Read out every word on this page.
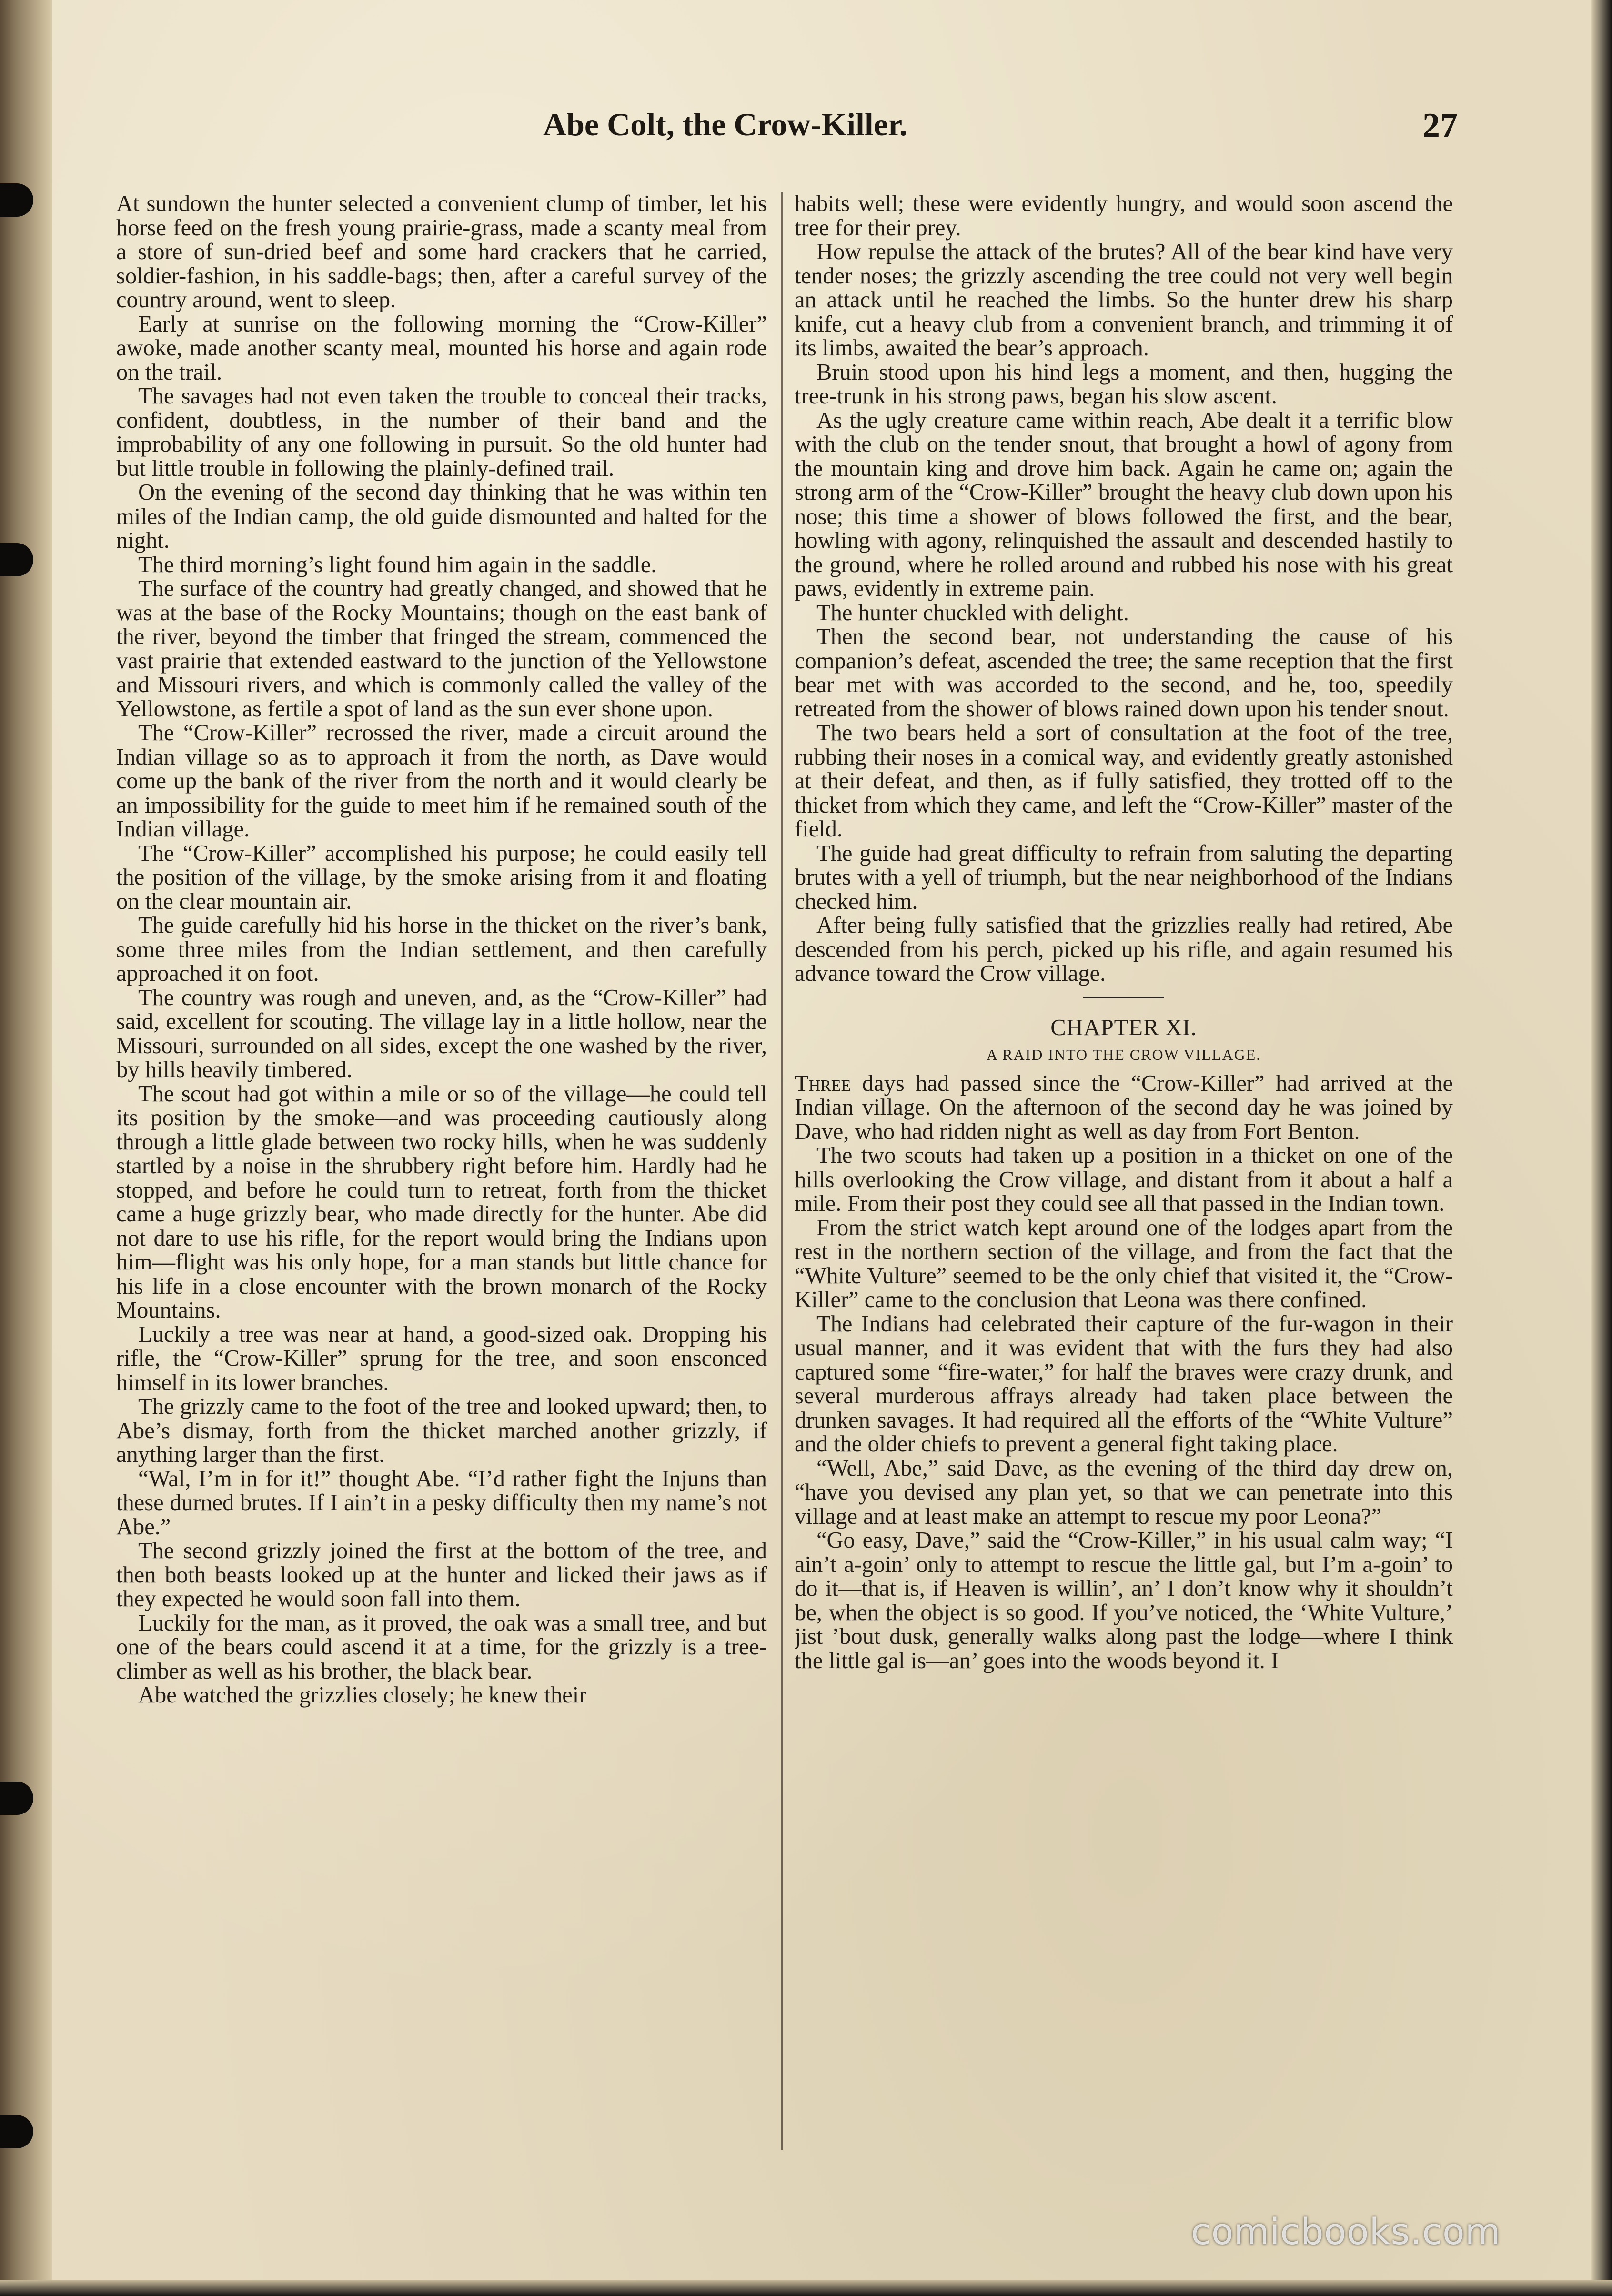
Abe Colt, the Crow-Killer.	27

At sundown the hunter selected a convenient clump of timber, let his horse feed on the fresh young prairie-grass, made a scanty meal from a store of sun-dried beef and some hard crackers that he carried, soldier-fashion, in his saddle-bags; then, after a careful survey of the country around, went to sleep.

Early at sunrise on the following morning the “Crow-Killer” awoke, made another scanty meal, mounted his horse and again rode on the trail.

The savages had not even taken the trouble to conceal their tracks, confident, doubtless, in the number of their band and the improbability of any one following in pursuit. So the old hunter had but little trouble in following the plainly-defined trail.

On the evening of the second day thinking that he was within ten miles of the Indian camp, the old guide dismounted and halted for the night.

The third morning’s light found him again in the saddle.

The surface of the country had greatly changed, and showed that he was at the base of the Rocky Mountains; though on the east bank of the river, beyond the timber that fringed the stream, commenced the vast prairie that extended eastward to the junction of the Yellowstone and Missouri rivers, and which is commonly called the valley of the Yellowstone, as fertile a spot of land as the sun ever shone upon.

The “Crow-Killer” recrossed the river, made a circuit around the Indian village so as to approach it from the north, as Dave would come up the bank of the river from the north and it would clearly be an impossibility for the guide to meet him if he remained south of the Indian village.

The “Crow-Killer” accomplished his purpose; he could easily tell the position of the village, by the smoke arising from it and floating on the clear mountain air.

The guide carefully hid his horse in the thicket on the river’s bank, some three miles from the Indian settlement, and then carefully approached it on foot.

The country was rough and uneven, and, as the “Crow-Killer” had said, excellent for scouting. The village lay in a little hollow, near the Missouri, surrounded on all sides, except the one washed by the river, by hills heavily timbered.

The scout had got within a mile or so of the village—he could tell its position by the smoke—and was proceeding cautiously along through a little glade between two rocky hills, when he was suddenly startled by a noise in the shrubbery right before him. Hardly had he stopped, and before he could turn to retreat, forth from the thicket came a huge grizzly bear, who made directly for the hunter. Abe did not dare to use his rifle, for the report would bring the Indians upon him—flight was his only hope, for a man stands but little chance for his life in a close encounter with the brown monarch of the Rocky Mountains.

Luckily a tree was near at hand, a good-sized oak. Dropping his rifle, the “Crow-Killer” sprung for the tree, and soon ensconced himself in its lower branches.

The grizzly came to the foot of the tree and looked upward; then, to Abe’s dismay, forth from the thicket marched another grizzly, if anything larger than the first.

“Wal, I’m in for it!” thought Abe. “I’d rather fight the Injuns than these durned brutes. If I ain’t in a pesky difficulty then my name’s not Abe.”

The second grizzly joined the first at the bottom of the tree, and then both beasts looked up at the hunter and licked their jaws as if they expected he would soon fall into them.

Luckily for the man, as it proved, the oak was a small tree, and but one of the bears could ascend it at a time, for the grizzly is a tree-climber as well as his brother, the black bear.

Abe watched the grizzlies closely; he knew their

habits well; these were evidently hungry, and would soon ascend the tree for their prey.

How repulse the attack of the brutes? All of the bear kind have very tender noses; the grizzly ascending the tree could not very well begin an attack until he reached the limbs. So the hunter drew his sharp knife, cut a heavy club from a convenient branch, and trimming it of its limbs, awaited the bear’s approach.

Bruin stood upon his hind legs a moment, and then, hugging the tree-trunk in his strong paws, began his slow ascent.

As the ugly creature came within reach, Abe dealt it a terrific blow with the club on the tender snout, that brought a howl of agony from the mountain king and drove him back. Again he came on; again the strong arm of the “Crow-Killer” brought the heavy club down upon his nose; this time a shower of blows followed the first, and the bear, howling with agony, relinquished the assault and descended hastily to the ground, where he rolled around and rubbed his nose with his great paws, evidently in extreme pain.

The hunter chuckled with delight.

Then the second bear, not understanding the cause of his companion’s defeat, ascended the tree; the same reception that the first bear met with was accorded to the second, and he, too, speedily retreated from the shower of blows rained down upon his tender snout.

The two bears held a sort of consultation at the foot of the tree, rubbing their noses in a comical way, and evidently greatly astonished at their defeat, and then, as if fully satisfied, they trotted off to the thicket from which they came, and left the “Crow-Killer” master of the field.

The guide had great difficulty to refrain from saluting the departing brutes with a yell of triumph, but the near neighborhood of the Indians checked him.

After being fully satisfied that the grizzlies really had retired, Abe descended from his perch, picked up his rifle, and again resumed his advance toward the Crow village.

CHAPTER XI.
A RAID INTO THE CROW VILLAGE.

Three days had passed since the “Crow-Killer” had arrived at the Indian village. On the afternoon of the second day he was joined by Dave, who had ridden night as well as day from Fort Benton.

The two scouts had taken up a position in a thicket on one of the hills overlooking the Crow village, and distant from it about a half a mile. From their post they could see all that passed in the Indian town.

From the strict watch kept around one of the lodges apart from the rest in the northern section of the village, and from the fact that the “White Vulture” seemed to be the only chief that visited it, the “Crow-Killer” came to the conclusion that Leona was there confined.

The Indians had celebrated their capture of the fur-wagon in their usual manner, and it was evident that with the furs they had also captured some “fire-water,” for half the braves were crazy drunk, and several murderous affrays already had taken place between the drunken savages. It had required all the efforts of the “White Vulture” and the older chiefs to prevent a general fight taking place.

“Well, Abe,” said Dave, as the evening of the third day drew on, “have you devised any plan yet, so that we can penetrate into this village and at least make an attempt to rescue my poor Leona?”

“Go easy, Dave,” said the “Crow-Killer,” in his usual calm way; “I ain’t a-goin’ only to attempt to rescue the little gal, but I’m a-goin’ to do it—that is, if Heaven is willin’, an’ I don’t know why it shouldn’t be, when the object is so good. If you’ve noticed, the ‘White Vulture,’ jist ’bout dusk, generally walks along past the lodge—where I think the little gal is—an’ goes into the woods beyond it. I

comicbooks.com
